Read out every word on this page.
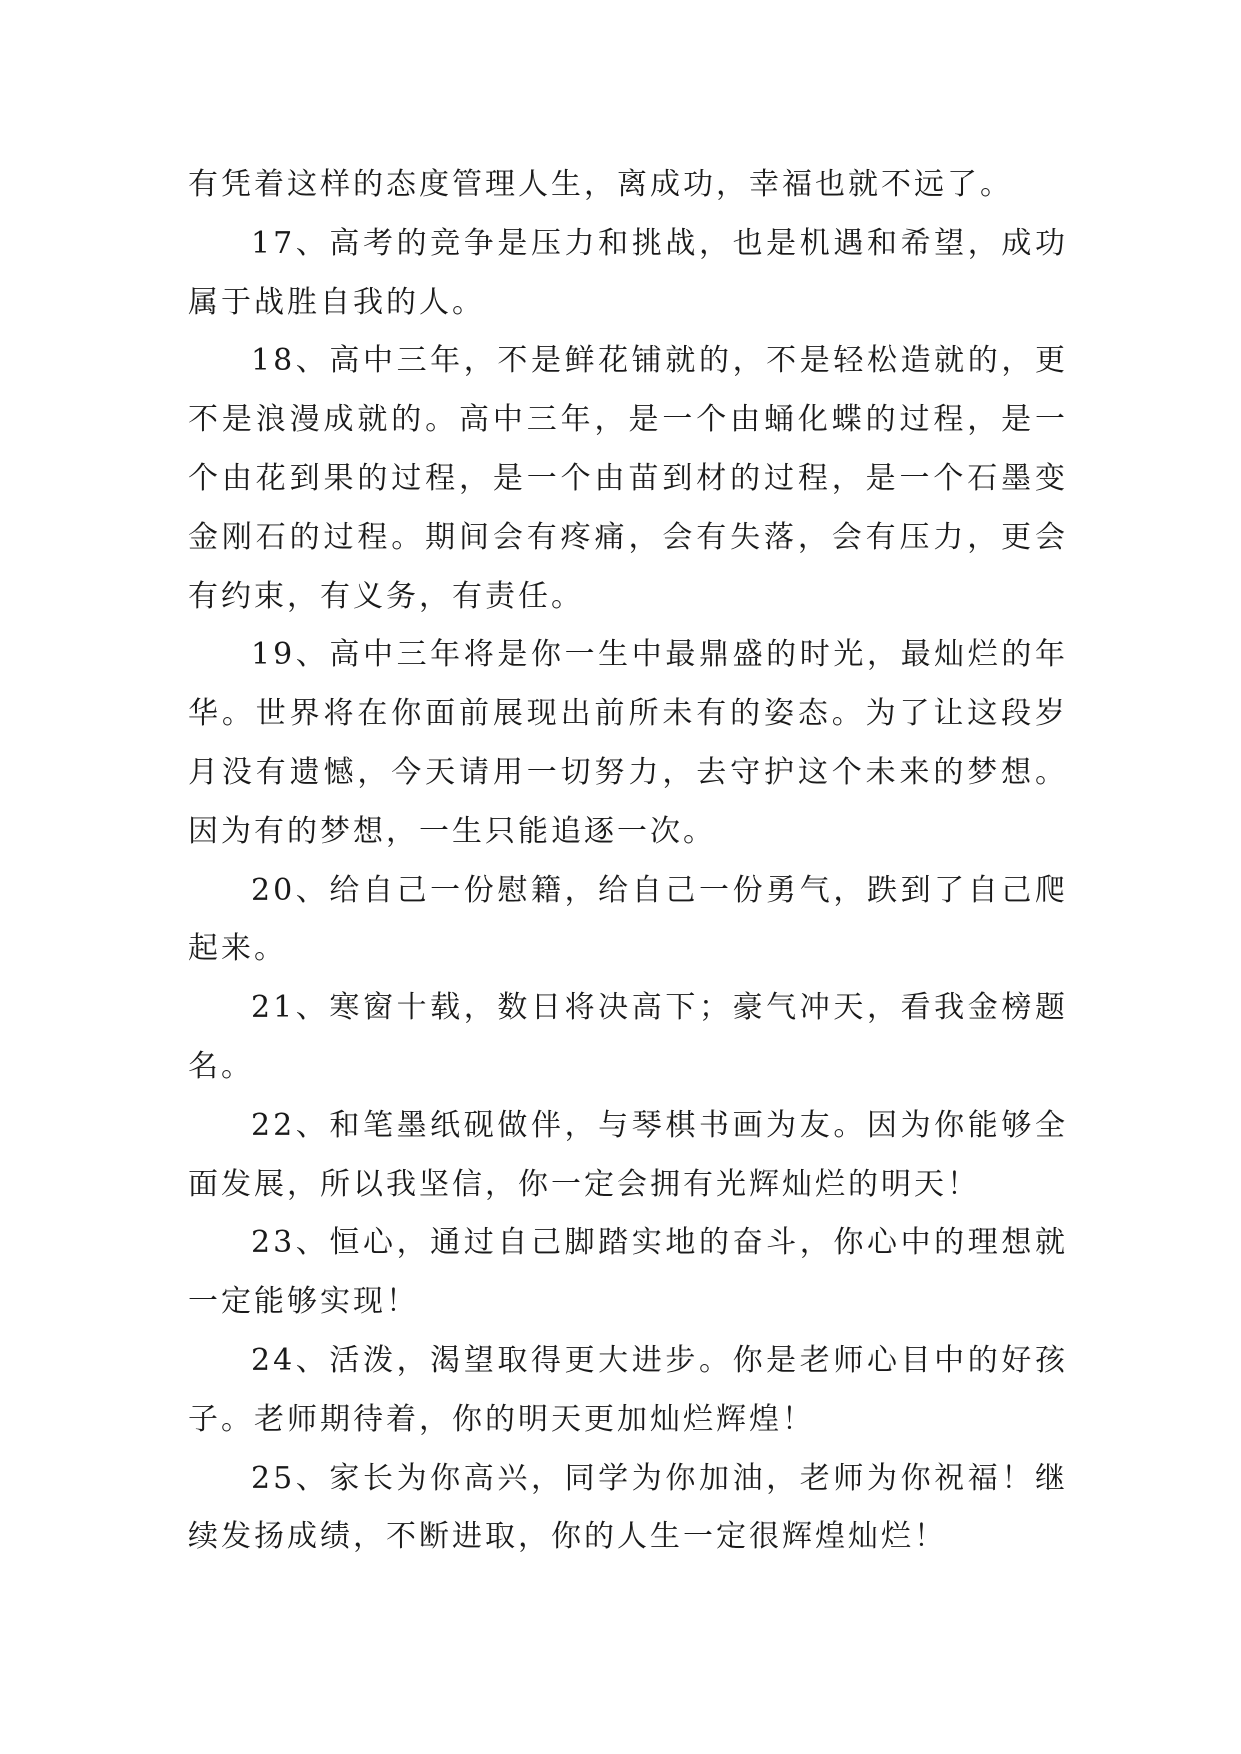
有凭着这样的态度管理人生，离成功，幸福也就不远了。

17、高考的竞争是压力和挑战，也是机遇和希望，成功属于战胜自我的人。

18、高中三年，不是鲜花铺就的，不是轻松造就的，更不是浪漫成就的。高中三年，是一个由蛹化蝶的过程，是一个由花到果的过程，是一个由苗到材的过程，是一个石墨变金刚石的过程。期间会有疼痛，会有失落，会有压力，更会有约束，有义务，有责任。

19、高中三年将是你一生中最鼎盛的时光，最灿烂的年华。世界将在你面前展现出前所未有的姿态。为了让这段岁月没有遗憾，今天请用一切努力，去守护这个未来的梦想。因为有的梦想，一生只能追逐一次。

20、给自己一份慰籍，给自己一份勇气，跌到了自己爬起来。

21、寒窗十载，数日将决高下；豪气冲天，看我金榜题名。

22、和笔墨纸砚做伴，与琴棋书画为友。因为你能够全面发展，所以我坚信，你一定会拥有光辉灿烂的明天！

23、恒心，通过自己脚踏实地的奋斗，你心中的理想就一定能够实现！

24、活泼，渴望取得更大进步。你是老师心目中的好孩子。老师期待着，你的明天更加灿烂辉煌！

25、家长为你高兴，同学为你加油，老师为你祝福！继续发扬成绩，不断进取，你的人生一定很辉煌灿烂！
